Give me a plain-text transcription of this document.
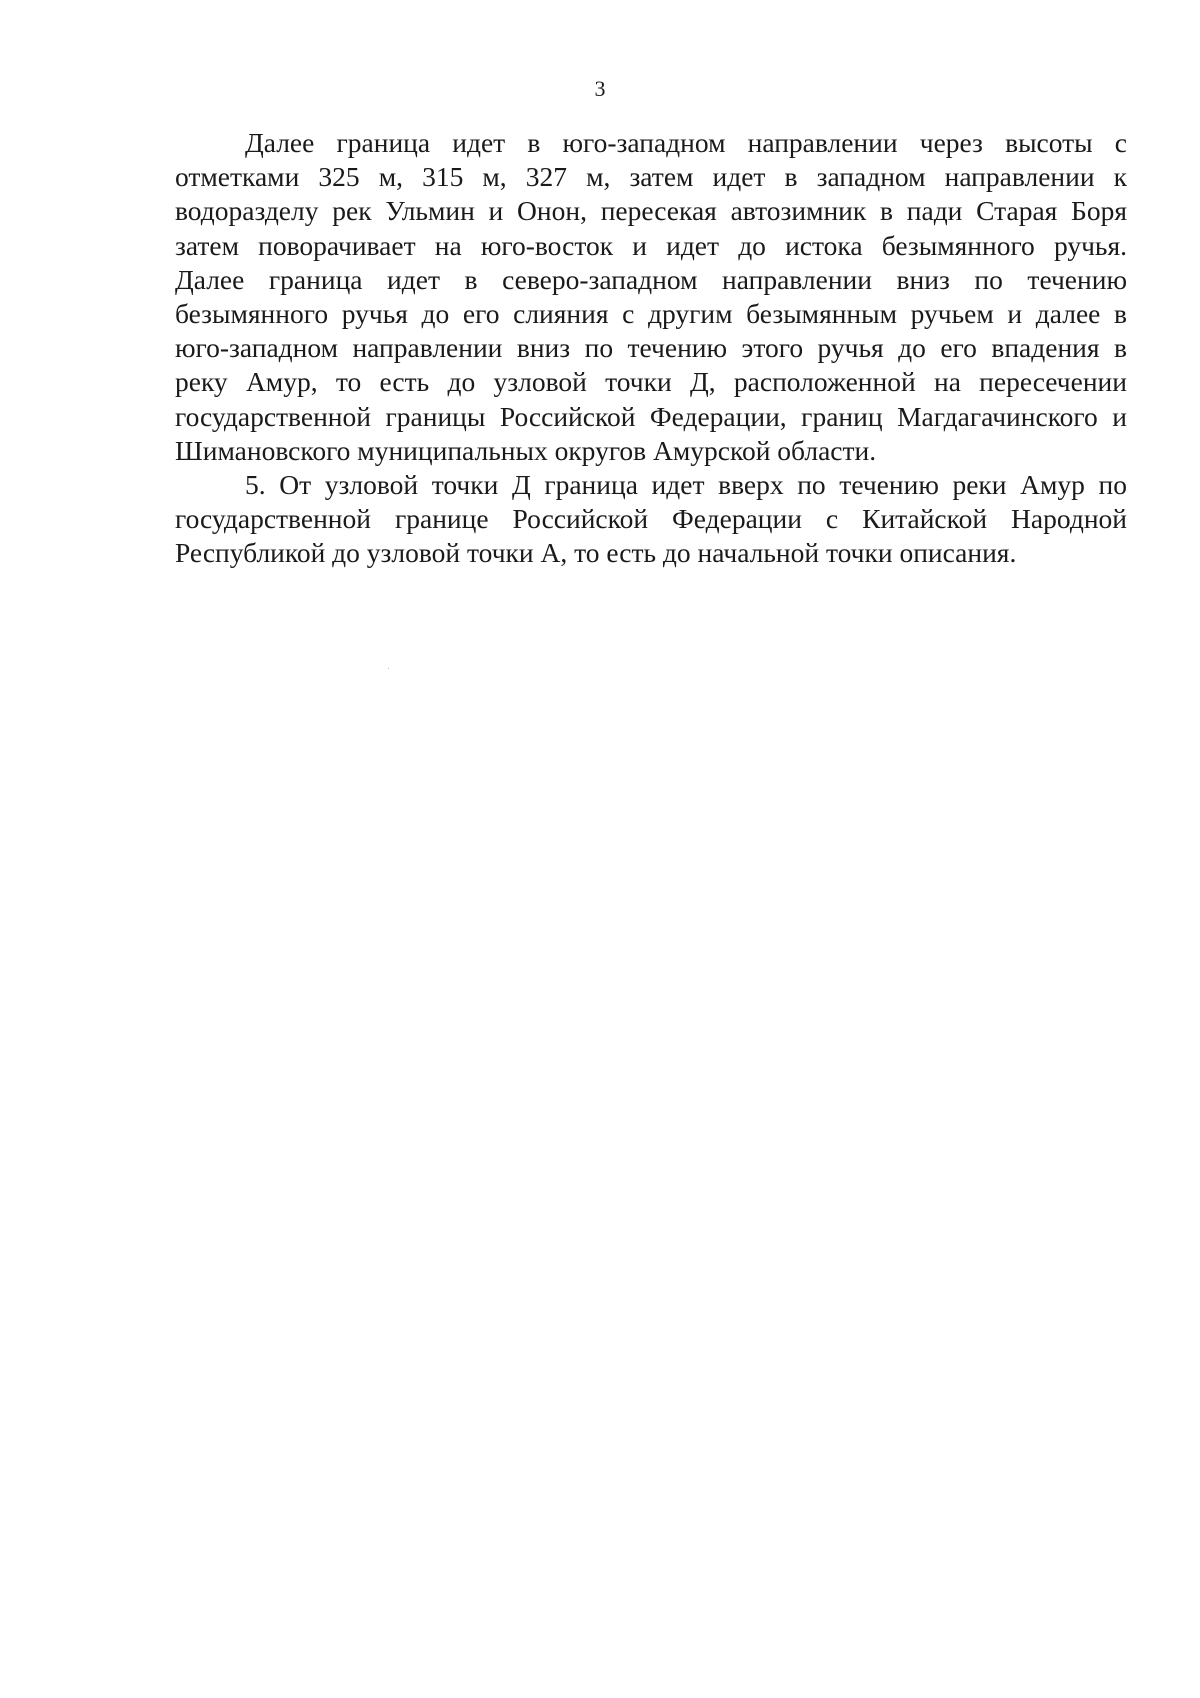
3
Далее граница идет в юго-западном направлении через высоты с
отметками 325 м, 315 м, 327 м, затем идет в западном направлении к
водоразделу рек Ульмин и Онон, пересекая автозимник в пади Старая Боря
затем поворачивает на юго-восток и идет до истока безымянного ручья.
Далее граница идет в северо-западном направлении вниз по течению
безымянного ручья до его слияния с другим безымянным ручьем и далее в
юго-западном направлении вниз по течению этого ручья до его впадения в
реку Амур, то есть до узловой точки Д, расположенной на пересечении
государственной границы Российской Федерации, границ Магдагачинского и
Шимановского муниципальных округов Амурской области.
5. От узловой точки Д граница идет вверх по течению реки Амур по
государственной границе Российской Федерации с Китайской Народной
Республикой до узловой точки А, то есть до начальной точки описания.
